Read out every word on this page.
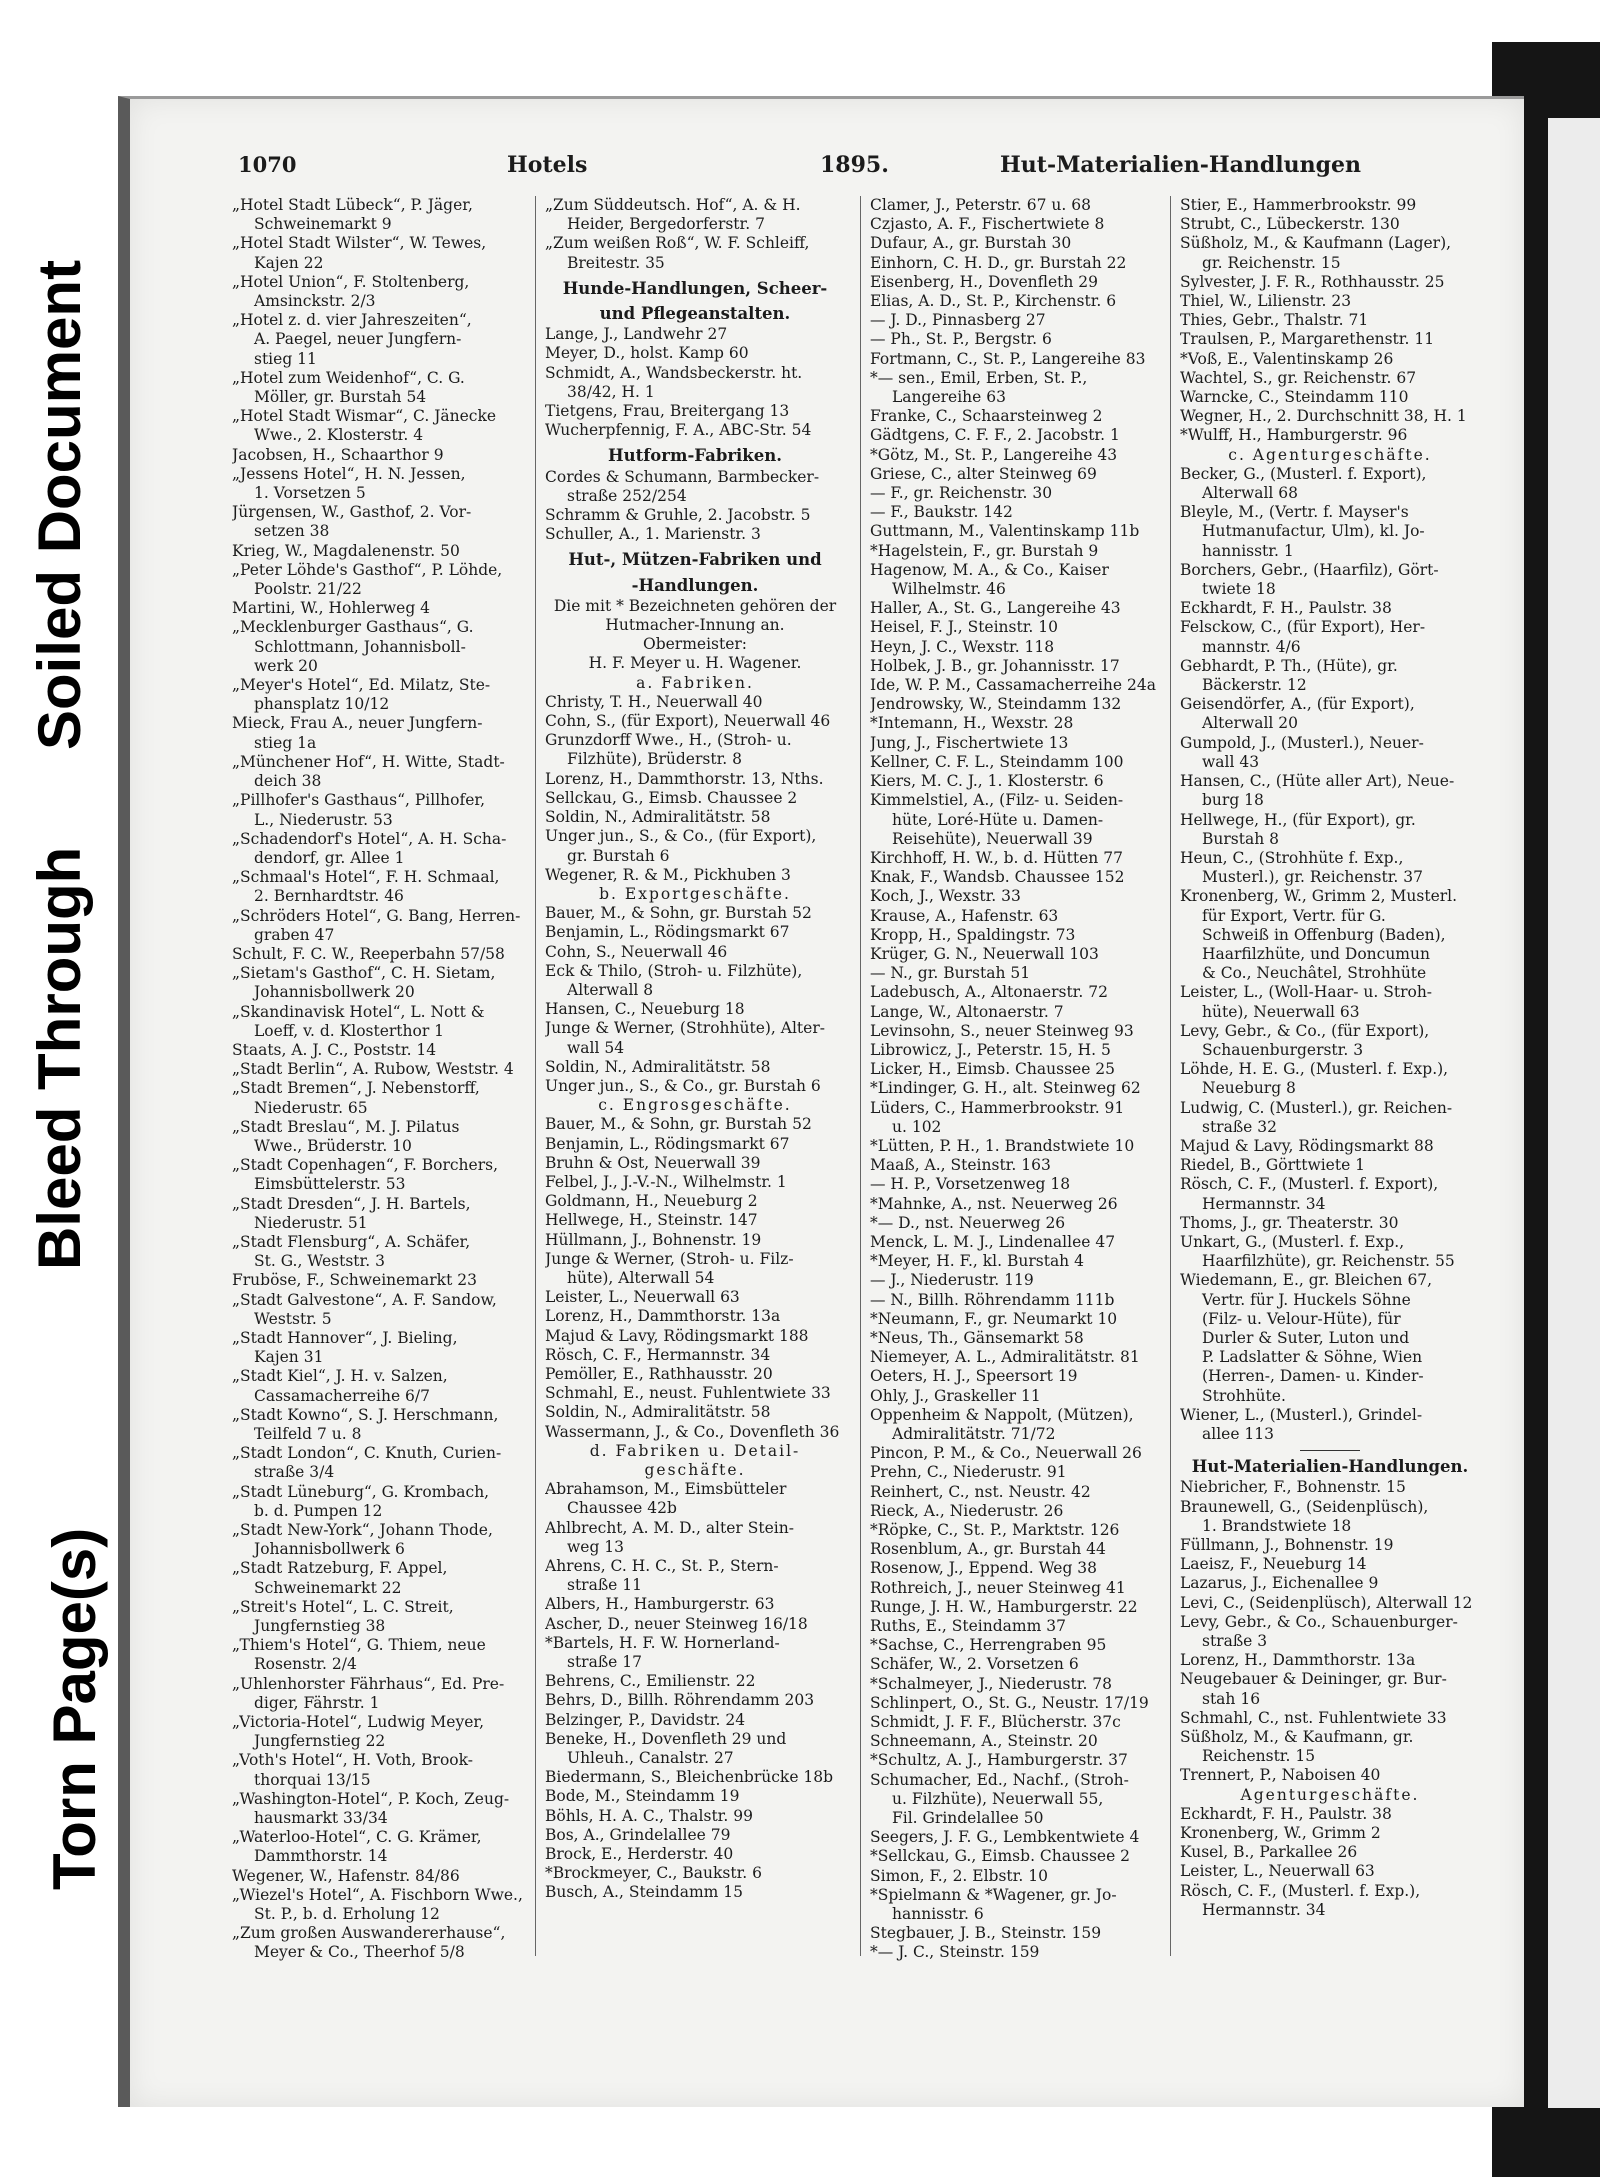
Bleed Through
Soiled Document
Torn Page(s)
1070	Hotels	1895.	Hut-Materialien-Handlungen
„Hotel Stadt Lübeck“, P. Jäger,
Schweinemarkt 9
„Hotel Stadt Wilster“, W. Tewes,
Kajen 22
„Hotel Union“, F. Stoltenberg,
Amsinckstr. 2/3
„Hotel z. d. vier Jahreszeiten“,
A. Paegel, neuer Jungfern-
stieg 11
„Hotel zum Weidenhof“, C. G.
Möller, gr. Burstah 54
„Hotel Stadt Wismar“, C. Jänecke
Wwe., 2. Klosterstr. 4
Jacobsen, H., Schaarthor 9
„Jessens Hotel“, H. N. Jessen,
1. Vorsetzen 5
Jürgensen, W., Gasthof, 2. Vor-
setzen 38
Krieg, W., Magdalenenstr. 50
„Peter Löhde's Gasthof“, P. Löhde,
Poolstr. 21/22
Martini, W., Hohlerweg 4
„Mecklenburger Gasthaus“, G.
Schlottmann, Johannisboll-
werk 20
„Meyer's Hotel“, Ed. Milatz, Ste-
phansplatz 10/12
Mieck, Frau A., neuer Jungfern-
stieg 1a
„Münchener Hof“, H. Witte, Stadt-
deich 38
„Pillhofer's Gasthaus“, Pillhofer,
L., Niederustr. 53
„Schadendorf's Hotel“, A. H. Scha-
dendorf, gr. Allee 1
„Schmaal's Hotel“, F. H. Schmaal,
2. Bernhardtstr. 46
„Schröders Hotel“, G. Bang, Herren-
graben 47
Schult, F. C. W., Reeperbahn 57/58
„Sietam's Gasthof“, C. H. Sietam,
Johannisbollwerk 20
„Skandinavisk Hotel“, L. Nott &
Loeff, v. d. Klosterthor 1
Staats, A. J. C., Poststr. 14
„Stadt Berlin“, A. Rubow, Weststr. 4
„Stadt Bremen“, J. Nebenstorff,
Niederustr. 65
„Stadt Breslau“, M. J. Pilatus
Wwe., Brüderstr. 10
„Stadt Copenhagen“, F. Borchers,
Eimsbüttelerstr. 53
„Stadt Dresden“, J. H. Bartels,
Niederustr. 51
„Stadt Flensburg“, A. Schäfer,
St. G., Weststr. 3
Fruböse, F., Schweinemarkt 23
„Stadt Galvestone“, A. F. Sandow,
Weststr. 5
„Stadt Hannover“, J. Bieling,
Kajen 31
„Stadt Kiel“, J. H. v. Salzen,
Cassamacherreihe 6/7
„Stadt Kowno“, S. J. Herschmann,
Teilfeld 7 u. 8
„Stadt London“, C. Knuth, Curien-
straße 3/4
„Stadt Lüneburg“, G. Krombach,
b. d. Pumpen 12
„Stadt New-York“, Johann Thode,
Johannisbollwerk 6
„Stadt Ratzeburg, F. Appel,
Schweinemarkt 22
„Streit's Hotel“, L. C. Streit,
Jungfernstieg 38
„Thiem's Hotel“, G. Thiem, neue
Rosenstr. 2/4
„Uhlenhorster Fährhaus“, Ed. Pre-
diger, Fährstr. 1
„Victoria-Hotel“, Ludwig Meyer,
Jungfernstieg 22
„Voth's Hotel“, H. Voth, Brook-
thorquai 13/15
„Washington-Hotel“, P. Koch, Zeug-
hausmarkt 33/34
„Waterloo-Hotel“, C. G. Krämer,
Dammthorstr. 14
Wegener, W., Hafenstr. 84/86
„Wiezel's Hotel“, A. Fischborn Wwe.,
St. P., b. d. Erholung 12
„Zum großen Auswandererhause“,
Meyer & Co., Theerhof 5/8
„Zum Süddeutsch. Hof“, A. & H.
Heider, Bergedorferstr. 7
„Zum weißen Roß“, W. F. Schleiff,
Breitestr. 35
Hunde-Handlungen, Scheer-
und Pflegeanstalten.
Lange, J., Landwehr 27
Meyer, D., holst. Kamp 60
Schmidt, A., Wandsbeckerstr. ht.
38/42, H. 1
Tietgens, Frau, Breitergang 13
Wucherpfennig, F. A., ABC-Str. 54
Hutform-Fabriken.
Cordes & Schumann, Barmbecker-
straße 252/254
Schramm & Gruhle, 2. Jacobstr. 5
Schuller, A., 1. Marienstr. 3
Hut-, Mützen-Fabriken und
-Handlungen.
Die mit * Bezeichneten gehören der
Hutmacher-Innung an.
Obermeister:
H. F. Meyer u. H. Wagener.
a. Fabriken.
Christy, T. H., Neuerwall 40
Cohn, S., (für Export), Neuerwall 46
Grunzdorff Wwe., H., (Stroh- u.
Filzhüte), Brüderstr. 8
Lorenz, H., Dammthorstr. 13, Nths.
Sellckau, G., Eimsb. Chaussee 2
Soldin, N., Admiralitätstr. 58
Unger jun., S., & Co., (für Export),
gr. Burstah 6
Wegener, R. & M., Pickhuben 3
b. Exportgeschäfte.
Bauer, M., & Sohn, gr. Burstah 52
Benjamin, L., Rödingsmarkt 67
Cohn, S., Neuerwall 46
Eck & Thilo, (Stroh- u. Filzhüte),
Alterwall 8
Hansen, C., Neueburg 18
Junge & Werner, (Strohhüte), Alter-
wall 54
Soldin, N., Admiralitätstr. 58
Unger jun., S., & Co., gr. Burstah 6
c. Engrosgeschäfte.
Bauer, M., & Sohn, gr. Burstah 52
Benjamin, L., Rödingsmarkt 67
Bruhn & Ost, Neuerwall 39
Felbel, J., J.-V.-N., Wilhelmstr. 1
Goldmann, H., Neueburg 2
Hellwege, H., Steinstr. 147
Hüllmann, J., Bohnenstr. 19
Junge & Werner, (Stroh- u. Filz-
hüte), Alterwall 54
Leister, L., Neuerwall 63
Lorenz, H., Dammthorstr. 13a
Majud & Lavy, Rödingsmarkt 188
Rösch, C. F., Hermannstr. 34
Pemöller, E., Rathhausstr. 20
Schmahl, E., neust. Fuhlentwiete 33
Soldin, N., Admiralitätstr. 58
Wassermann, J., & Co., Dovenfleth 36
d. Fabriken u. Detail-
geschäfte.
Abrahamson, M., Eimsbütteler
Chaussee 42b
Ahlbrecht, A. M. D., alter Stein-
weg 13
Ahrens, C. H. C., St. P., Stern-
straße 11
Albers, H., Hamburgerstr. 63
Ascher, D., neuer Steinweg 16/18
*Bartels, H. F. W. Hornerland-
straße 17
Behrens, C., Emilienstr. 22
Behrs, D., Billh. Röhrendamm 203
Belzinger, P., Davidstr. 24
Beneke, H., Dovenfleth 29 und
Uhleuh., Canalstr. 27
Biedermann, S., Bleichenbrücke 18b
Bode, M., Steindamm 19
Böhls, H. A. C., Thalstr. 99
Bos, A., Grindelallee 79
Brock, E., Herderstr. 40
*Brockmeyer, C., Baukstr. 6
Busch, A., Steindamm 15
Clamer, J., Peterstr. 67 u. 68
Czjasto, A. F., Fischertwiete 8
Dufaur, A., gr. Burstah 30
Einhorn, C. H. D., gr. Burstah 22
Eisenberg, H., Dovenfleth 29
Elias, A. D., St. P., Kirchenstr. 6
— J. D., Pinnasberg 27
— Ph., St. P., Bergstr. 6
Fortmann, C., St. P., Langereihe 83
*— sen., Emil, Erben, St. P.,
Langereihe 63
Franke, C., Schaarsteinweg 2
Gädtgens, C. F. F., 2. Jacobstr. 1
*Götz, M., St. P., Langereihe 43
Griese, C., alter Steinweg 69
— F., gr. Reichenstr. 30
— F., Baukstr. 142
Guttmann, M., Valentinskamp 11b
*Hagelstein, F., gr. Burstah 9
Hagenow, M. A., & Co., Kaiser
Wilhelmstr. 46
Haller, A., St. G., Langereihe 43
Heisel, F. J., Steinstr. 10
Heyn, J. C., Wexstr. 118
Holbek, J. B., gr. Johannisstr. 17
Ide, W. P. M., Cassamacherreihe 24a
Jendrowsky, W., Steindamm 132
*Intemann, H., Wexstr. 28
Jung, J., Fischertwiete 13
Kellner, C. F. L., Steindamm 100
Kiers, M. C. J., 1. Klosterstr. 6
Kimmelstiel, A., (Filz- u. Seiden-
hüte, Loré-Hüte u. Damen-
Reisehüte), Neuerwall 39
Kirchhoff, H. W., b. d. Hütten 77
Knak, F., Wandsb. Chaussee 152
Koch, J., Wexstr. 33
Krause, A., Hafenstr. 63
Kropp, H., Spaldingstr. 73
Krüger, G. N., Neuerwall 103
— N., gr. Burstah 51
Ladebusch, A., Altonaerstr. 72
Lange, W., Altonaerstr. 7
Levinsohn, S., neuer Steinweg 93
Librowicz, J., Peterstr. 15, H. 5
Licker, H., Eimsb. Chaussee 25
*Lindinger, G. H., alt. Steinweg 62
Lüders, C., Hammerbrookstr. 91
u. 102
*Lütten, P. H., 1. Brandstwiete 10
Maaß, A., Steinstr. 163
— H. P., Vorsetzenweg 18
*Mahnke, A., nst. Neuerweg 26
*— D., nst. Neuerweg 26
Menck, L. M. J., Lindenallee 47
*Meyer, H. F., kl. Burstah 4
— J., Niederustr. 119
— N., Billh. Röhrendamm 111b
*Neumann, F., gr. Neumarkt 10
*Neus, Th., Gänsemarkt 58
Niemeyer, A. L., Admiralitätstr. 81
Oeters, H. J., Speersort 19
Ohly, J., Graskeller 11
Oppenheim & Nappolt, (Mützen),
Admiralitätstr. 71/72
Pincon, P. M., & Co., Neuerwall 26
Prehn, C., Niederustr. 91
Reinhert, C., nst. Neustr. 42
Rieck, A., Niederustr. 26
*Röpke, C., St. P., Marktstr. 126
Rosenblum, A., gr. Burstah 44
Rosenow, J., Eppend. Weg 38
Rothreich, J., neuer Steinweg 41
Runge, J. H. W., Hamburgerstr. 22
Ruths, E., Steindamm 37
*Sachse, C., Herrengraben 95
Schäfer, W., 2. Vorsetzen 6
*Schalmeyer, J., Niederustr. 78
Schlinpert, O., St. G., Neustr. 17/19
Schmidt, J. F. F., Blücherstr. 37c
Schneemann, A., Steinstr. 20
*Schultz, A. J., Hamburgerstr. 37
Schumacher, Ed., Nachf., (Stroh-
u. Filzhüte), Neuerwall 55,
Fil. Grindelallee 50
Seegers, J. F. G., Lembkentwiete 4
*Sellckau, G., Eimsb. Chaussee 2
Simon, F., 2. Elbstr. 10
*Spielmann & *Wagener, gr. Jo-
hannisstr. 6
Stegbauer, J. B., Steinstr. 159
*— J. C., Steinstr. 159
Stier, E., Hammerbrookstr. 99
Strubt, C., Lübeckerstr. 130
Süßholz, M., & Kaufmann (Lager),
gr. Reichenstr. 15
Sylvester, J. F. R., Rothhausstr. 25
Thiel, W., Lilienstr. 23
Thies, Gebr., Thalstr. 71
Traulsen, P., Margarethenstr. 11
*Voß, E., Valentinskamp 26
Wachtel, S., gr. Reichenstr. 67
Warncke, C., Steindamm 110
Wegner, H., 2. Durchschnitt 38, H. 1
*Wulff, H., Hamburgerstr. 96
c. Agenturgeschäfte.
Becker, G., (Musterl. f. Export),
Alterwall 68
Bleyle, M., (Vertr. f. Mayser's
Hutmanufactur, Ulm), kl. Jo-
hannisstr. 1
Borchers, Gebr., (Haarfilz), Gört-
twiete 18
Eckhardt, F. H., Paulstr. 38
Felsckow, C., (für Export), Her-
mannstr. 4/6
Gebhardt, P. Th., (Hüte), gr.
Bäckerstr. 12
Geisendörfer, A., (für Export),
Alterwall 20
Gumpold, J., (Musterl.), Neuer-
wall 43
Hansen, C., (Hüte aller Art), Neue-
burg 18
Hellwege, H., (für Export), gr.
Burstah 8
Heun, C., (Strohhüte f. Exp.,
Musterl.), gr. Reichenstr. 37
Kronenberg, W., Grimm 2, Musterl.
für Export, Vertr. für G.
Schweiß in Offenburg (Baden),
Haarfilzhüte, und Doncumun
& Co., Neuchâtel, Strohhüte
Leister, L., (Woll-Haar- u. Stroh-
hüte), Neuerwall 63
Levy, Gebr., & Co., (für Export),
Schauenburgerstr. 3
Löhde, H. E. G., (Musterl. f. Exp.),
Neueburg 8
Ludwig, C. (Musterl.), gr. Reichen-
straße 32
Majud & Lavy, Rödingsmarkt 88
Riedel, B., Görttwiete 1
Rösch, C. F., (Musterl. f. Export),
Hermannstr. 34
Thoms, J., gr. Theaterstr. 30
Unkart, G., (Musterl. f. Exp.,
Haarfilzhüte), gr. Reichenstr. 55
Wiedemann, E., gr. Bleichen 67,
Vertr. für J. Huckels Söhne
(Filz- u. Velour-Hüte), für
Durler & Suter, Luton und
P. Ladslatter & Söhne, Wien
(Herren-, Damen- u. Kinder-
Strohhüte.
Wiener, L., (Musterl.), Grindel-
allee 113
Hut-Materialien-Handlungen.
Niebricher, F., Bohnenstr. 15
Braunewell, G., (Seidenplüsch),
1. Brandstwiete 18
Füllmann, J., Bohnenstr. 19
Laeisz, F., Neueburg 14
Lazarus, J., Eichenallee 9
Levi, C., (Seidenplüsch), Alterwall 12
Levy, Gebr., & Co., Schauenburger-
straße 3
Lorenz, H., Dammthorstr. 13a
Neugebauer & Deininger, gr. Bur-
stah 16
Schmahl, C., nst. Fuhlentwiete 33
Süßholz, M., & Kaufmann, gr.
Reichenstr. 15
Trennert, P., Naboisen 40
Agenturgeschäfte.
Eckhardt, F. H., Paulstr. 38
Kronenberg, W., Grimm 2
Kusel, B., Parkallee 26
Leister, L., Neuerwall 63
Rösch, C. F., (Musterl. f. Exp.),
Hermannstr. 34
